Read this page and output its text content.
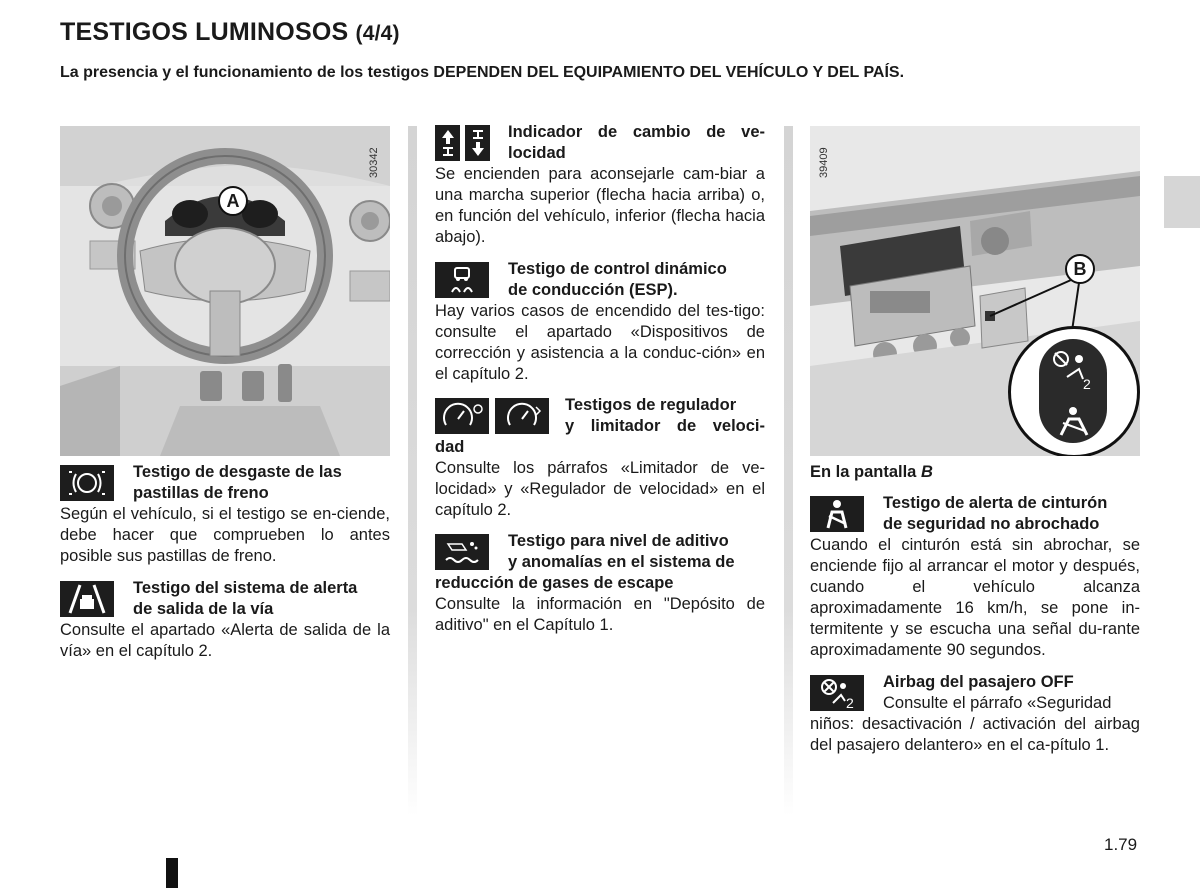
TESTIGOS LUMINOSOS (4/4)
La presencia y el funcionamiento de los testigos DEPENDEN DEL EQUIPAMIENTO DEL VEHÍCULO Y DEL PAÍS.
A
30342
2
B
39409
Testigo de desgaste de las
pastillas de freno
Según el vehículo, si el testigo se en-ciende, debe hacer que comprueben lo antes posible sus pastillas de freno.
Testigo del sistema de alerta
de salida de la vía
Consulte el apartado «Alerta de salida de la vía» en el capítulo 2.
Indicador de cambio de ve-
locidad
Se encienden para aconsejarle cam-biar a una marcha superior (flecha hacia arriba) o, en función del vehículo, inferior (flecha hacia abajo).
Testigo de control dinámico
de conducción (ESP).
Hay varios casos de encendido del tes-tigo: consulte el apartado «Dispositivos de corrección y asistencia a la conduc-ción» en el capítulo 2.
Testigos de regulador
y limitador de veloci-
dad
Consulte los párrafos «Limitador de ve-locidad» y «Regulador de velocidad» en el capítulo 2.
Testigo para nivel de aditivo
y anomalías en el sistema de
reducción de gases de escape
Consulte la información en "Depósito de aditivo" en el Capítulo 1.
En la pantalla B
Testigo de alerta de cinturón
de seguridad no abrochado
Cuando el cinturón está sin abrochar, se enciende fijo al arrancar el motor y después, cuando el vehículo alcanza aproximadamente 16 km/h, se pone in-termitente y se escucha una señal du-rante aproximadamente 90 segundos.
2
Airbag del pasajero OFF
Consulte el párrafo «Seguridad
niños: desactivación / activación del airbag del pasajero delantero» en el ca-pítulo 1.
1.79
